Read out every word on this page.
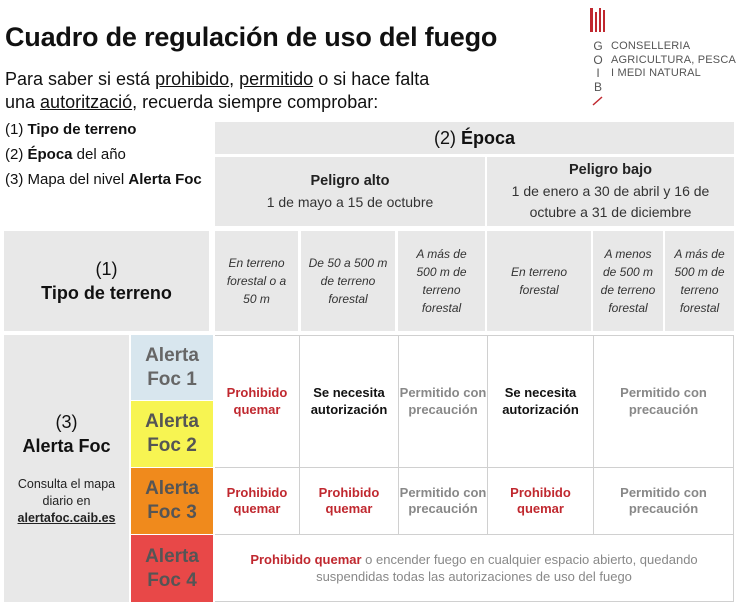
Cuadro de regulación de uso del fuego
Para saber si está prohibido, permitido o si hace falta
una autorització, recuerda siempre comprobar:
(1) Tipo de terreno
(2) Época del año
(3) Mapa del nivel Alerta Foc
G
O
I
B
CONSELLERIA
AGRICULTURA, PESCA
I MEDI NATURAL
(2) Época
Peligro alto
1 de mayo a 15 de octubre
Peligro bajo
1 de enero a 30 de abril y 16 de octubre a 31 de diciembre
(1)
Tipo de terreno
En terreno forestal o a 50 m
De 50 a 500 m de terreno forestal
A más de 500 m de terreno forestal
En terreno forestal
A menos de 500 m de terreno forestal
A más de 500 m de terreno forestal
(3)
Alerta Foc
Consulta el mapa diario en
alertafoc.caib.es
Alerta
Foc 1
Alerta
Foc 2
Alerta
Foc 3
Alerta
Foc 4
Prohibido quemar
Se necesita autorización
Permitido con precaución
Se necesita autorización
Permitido con precaución
Prohibido quemar
Prohibido quemar
Permitido con precaución
Prohibido quemar
Permitido con precaución
Prohibido quemar o encender fuego en cualquier espacio abierto, quedando suspendidas todas las autorizaciones de uso del fuego
